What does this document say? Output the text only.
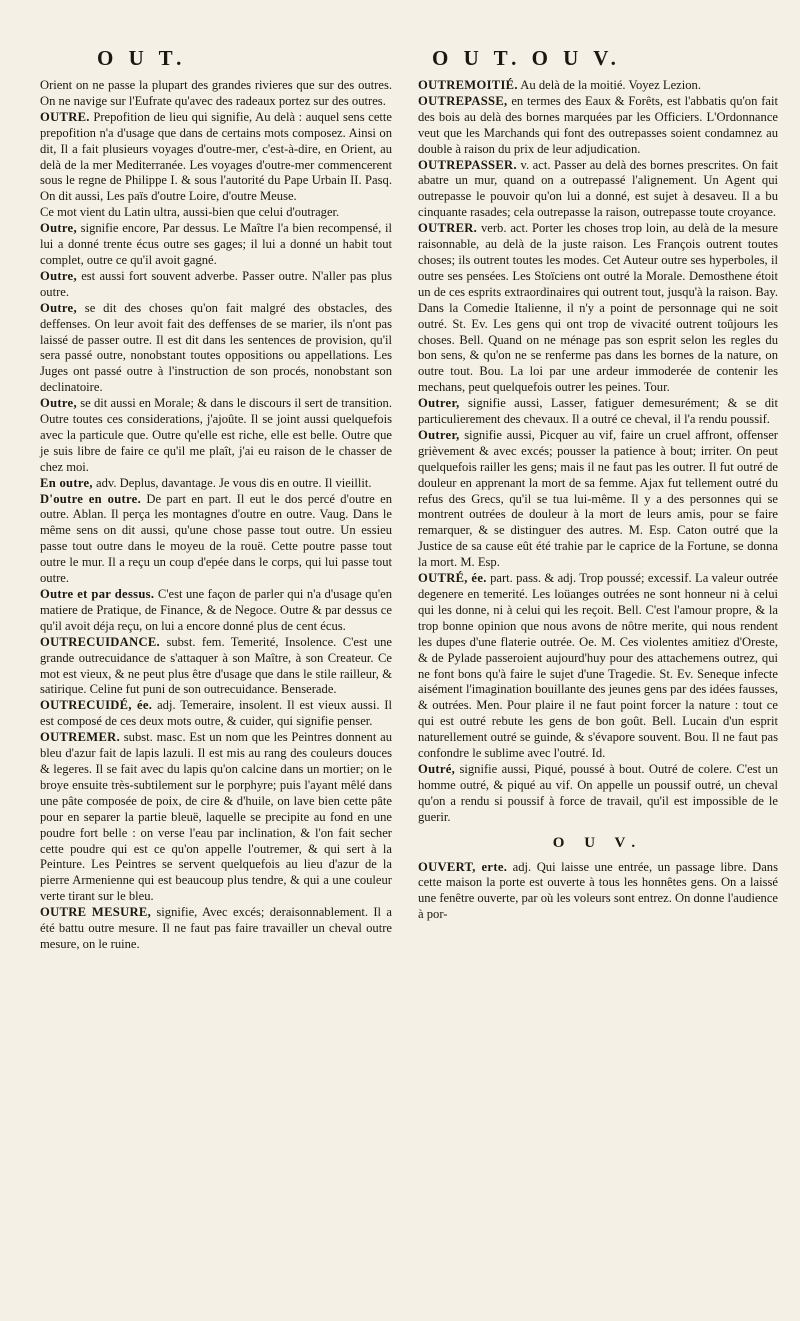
O U T.	O U T. O U V.

Orient on ne passe la plupart des grandes rivieres que sur des outres. On ne navige sur l'Eufrate qu'avec des radeaux portez sur des outres.

OUTRE. Prepofition de lieu qui signifie, Au delà : auquel sens cette prepofition n'a d'usage que dans de certains mots composez. Ainsi on dit, Il a fait plusieurs voyages d'outre-mer, c'est-à-dire, en Orient, au delà de la mer Mediterranée. Les voyages d'outre-mer commencerent sous le regne de Philippe I. & sous l'autorité du Pape Urbain II. Pasq. On dit aussi, Les païs d'outre Loire, d'outre Meuse.

Ce mot vient du Latin ultra, aussi-bien que celui d'outrager.

Outre, signifie encore, Par dessus. Le Maître l'a bien recompensé, il lui a donné trente écus outre ses gages; il lui a donné un habit tout complet, outre ce qu'il avoit gagné.

Outre, est aussi fort souvent adverbe. Passer outre. N'aller pas plus outre.

Outre, se dit des choses qu'on fait malgré des obstacles, des deffenses. On leur avoit fait des deffenses de se marier, ils n'ont pas laissé de passer outre. Il est dit dans les sentences de provision, qu'il sera passé outre, nonobstant toutes oppositions ou appellations. Les Juges ont passé outre à l'instruction de son procés, nonobstant son declinatoire.

Outre, se dit aussi en Morale; & dans le discours il sert de transition. Outre toutes ces considerations, j'ajoûte. Il se joint aussi quelquefois avec la particule que. Outre qu'elle est riche, elle est belle. Outre que je suis libre de faire ce qu'il me plaît, j'ai eu raison de le chasser de chez moi.

En outre, adv. Deplus, davantage. Je vous dis en outre. Il vieillit.

D'outre en outre. De part en part. Il eut le dos percé d'outre en outre. Ablan. Il perça les montagnes d'outre en outre. Vaug. Dans le même sens on dit aussi, qu'une chose passe tout outre. Un essieu passe tout outre dans le moyeu de la rouë. Cette poutre passe tout outre le mur. Il a reçu un coup d'epée dans le corps, qui lui passe tout outre.

Outre et par dessus. C'est une façon de parler qui n'a d'usage qu'en matiere de Pratique, de Finance, & de Negoce. Outre & par dessus ce qu'il avoit déja reçu, on lui a encore donné plus de cent écus.

OUTRECUIDANCE. subst. fem. Temerité, Insolence. C'est une grande outrecuidance de s'attaquer à son Maître, à son Createur. Ce mot est vieux, & ne peut plus être d'usage que dans le stile railleur, & satirique. Celine fut puni de son outrecuidance. Benserade.

OUTRECUIDÉ, ée. adj. Temeraire, insolent. Il est vieux aussi. Il est composé de ces deux mots outre, & cuider, qui signifie penser.

OUTREMER. subst. masc. Est un nom que les Peintres donnent au bleu d'azur fait de lapis lazuli. Il est mis au rang des couleurs douces & legeres. Il se fait avec du lapis qu'on calcine dans un mortier; on le broye ensuite très-subtilement sur le porphyre; puis l'ayant mêlé dans une pâte composée de poix, de cire & d'huile, on lave bien cette pâte pour en separer la partie bleuë, laquelle se precipite au fond en une poudre fort belle : on verse l'eau par inclination, & l'on fait secher cette poudre qui est ce qu'on appelle l'outremer, & qui sert à la Peinture. Les Peintres se servent quelquefois au lieu d'azur de la pierre Armenienne qui est beaucoup plus tendre, & qui a une couleur verte tirant sur le bleu.

OUTRE MESURE, signifie, Avec excés; deraisonnablement. Il a été battu outre mesure. Il ne faut pas faire travailler un cheval outre mesure, on le ruine.

OUTREMOITIÉ. Au delà de la moitié. Voyez Lezion.

OUTREPASSE, en termes des Eaux & Forêts, est l'abbatis qu'on fait des bois au delà des bornes marquées par les Officiers. L'Ordonnance veut que les Marchands qui font des outrepasses soient condamnez au double à raison du prix de leur adjudication.

OUTREPASSER. v. act. Passer au delà des bornes prescrites. On fait abatre un mur, quand on a outrepassé l'alignement. Un Agent qui outrepasse le pouvoir qu'on lui a donné, est sujet à desaveu. Il a bu cinquante rasades; cela outrepasse la raison, outrepasse toute croyance.

OUTRER. verb. act. Porter les choses trop loin, au delà de la mesure raisonnable, au delà de la juste raison. Les François outrent toutes choses; ils outrent toutes les modes. Cet Auteur outre ses hyperboles, il outre ses pensées. Les Stoïciens ont outré la Morale. Demosthene étoit un de ces esprits extraordinaires qui outrent tout, jusqu'à la raison. Bay. Dans la Comedie Italienne, il n'y a point de personnage qui ne soit outré. St. Ev. Les gens qui ont trop de vivacité outrent toûjours les choses. Bell. Quand on ne ménage pas son esprit selon les regles du bon sens, & qu'on ne se renferme pas dans les bornes de la nature, on outre tout. Bou. La loi par une ardeur immoderée de contenir les mechans, peut quelquefois outrer les peines. Tour.

Outrer, signifie aussi, Lasser, fatiguer demesurément; & se dit particulierement des chevaux. Il a outré ce cheval, il l'a rendu poussif.

Outrer, signifie aussi, Picquer au vif, faire un cruel affront, offenser grièvement & avec excés; pousser la patience à bout; irriter. On peut quelquefois railler les gens; mais il ne faut pas les outrer. Il fut outré de douleur en apprenant la mort de sa femme. Ajax fut tellement outré du refus des Grecs, qu'il se tua lui-même. Il y a des personnes qui se montrent outrées de douleur à la mort de leurs amis, pour se faire remarquer, & se distinguer des autres. M. Esp. Caton outré que la Justice de sa cause eût été trahie par le caprice de la Fortune, se donna la mort. M. Esp.

OUTRÉ, ée. part. pass. & adj. Trop poussé; excessif. La valeur outrée degenere en temerité. Les loüanges outrées ne sont honneur ni à celui qui les donne, ni à celui qui les reçoit. Bell. C'est l'amour propre, & la trop bonne opinion que nous avons de nôtre merite, qui nous rendent les dupes d'une flaterie outrée. Oe. M. Ces violentes amitiez d'Oreste, & de Pylade passeroient aujourd'huy pour des attachemens outrez, qui ne font bons qu'à faire le sujet d'une Tragedie. St. Ev. Seneque infecte aisément l'imagination bouillante des jeunes gens par des idées fausses, & outrées. Men. Pour plaire il ne faut point forcer la nature : tout ce qui est outré rebute les gens de bon goût. Bell. Lucain d'un esprit naturellement outré se guinde, & s'évapore souvent. Bou. Il ne faut pas confondre le sublime avec l'outré. Id.

Outré, signifie aussi, Piqué, poussé à bout. Outré de colere. C'est un homme outré, & piqué au vif. On appelle un poussif outré, un cheval qu'on a rendu si poussif à force de travail, qu'il est impossible de le guerir.

O U V.

OUVERT, erte. adj. Qui laisse une entrée, un passage libre. Dans cette maison la porte est ouverte à tous les honnêtes gens. On a laissé une fenêtre ouverte, par où les voleurs sont entrez. On donne l'audience à por-
